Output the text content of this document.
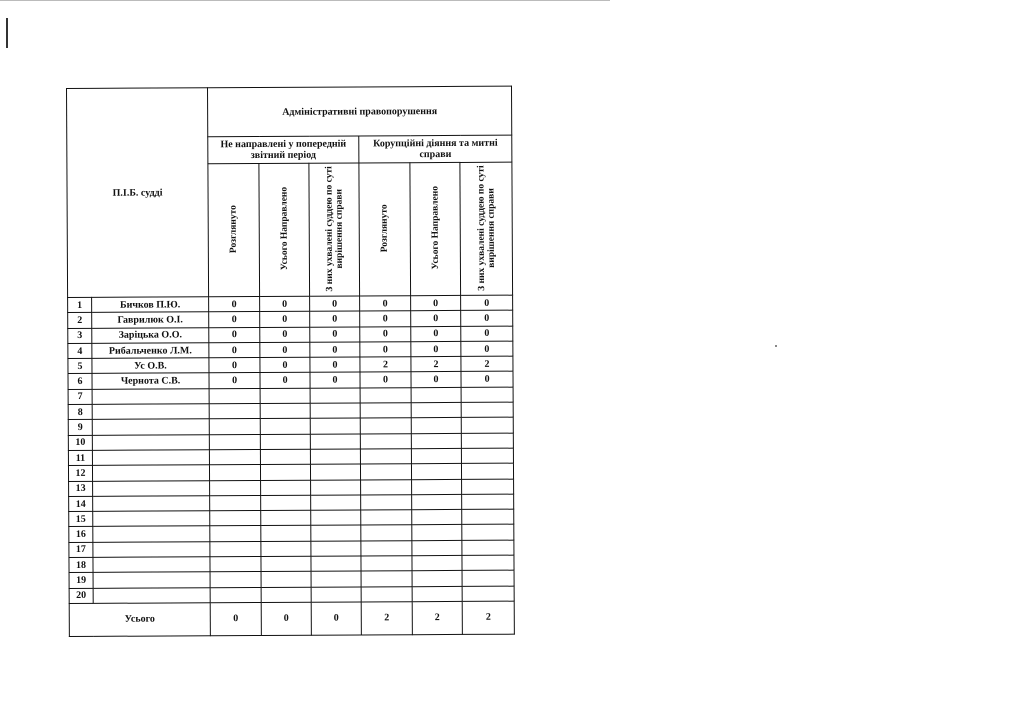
П.І.Б. судді		Адміністративні правопорушення					
		Не направлені у попередній звітний період			Корупційні діяння та митні справи		
		Розглянуто	Усього Направлено	З них ухвалені суддею по суті вирішення справи	Розглянуто	Усього Направлено	З них ухвалені суддею по суті вирішення справи
1	Бичков П.Ю.	0	0	0	0	0	0
2	Гаврилюк О.І.	0	0	0	0	0	0
3	Заріцька О.О.	0	0	0	0	0	0
4	Рибальченко Л.М.	0	0	0	0	0	0
5	Ус О.В.	0	0	0	2	2	2
6	Чернота С.В.	0	0	0	0	0	0
7							
8							
9							
10							
11							
12							
13							
14							
15							
16							
17							
18							
19							
20							
Усього		0	0	0	2	2	2
